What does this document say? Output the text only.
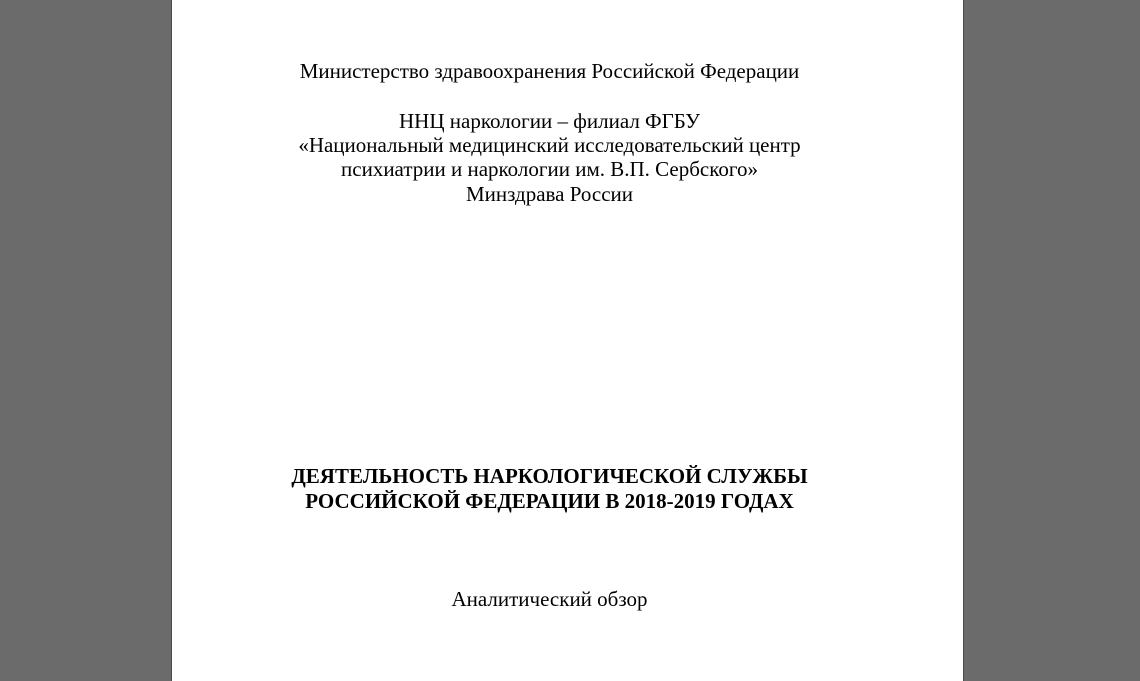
Министерство здравоохранения Российской Федерации
ННЦ наркологии – филиал ФГБУ
«Национальный медицинский исследовательский центр
психиатрии и наркологии им. В.П. Сербского»
Минздрава России
ДЕЯТЕЛЬНОСТЬ НАРКОЛОГИЧЕСКОЙ СЛУЖБЫ
РОССИЙСКОЙ ФЕДЕРАЦИИ В 2018-2019 ГОДАХ
Аналитический обзор
